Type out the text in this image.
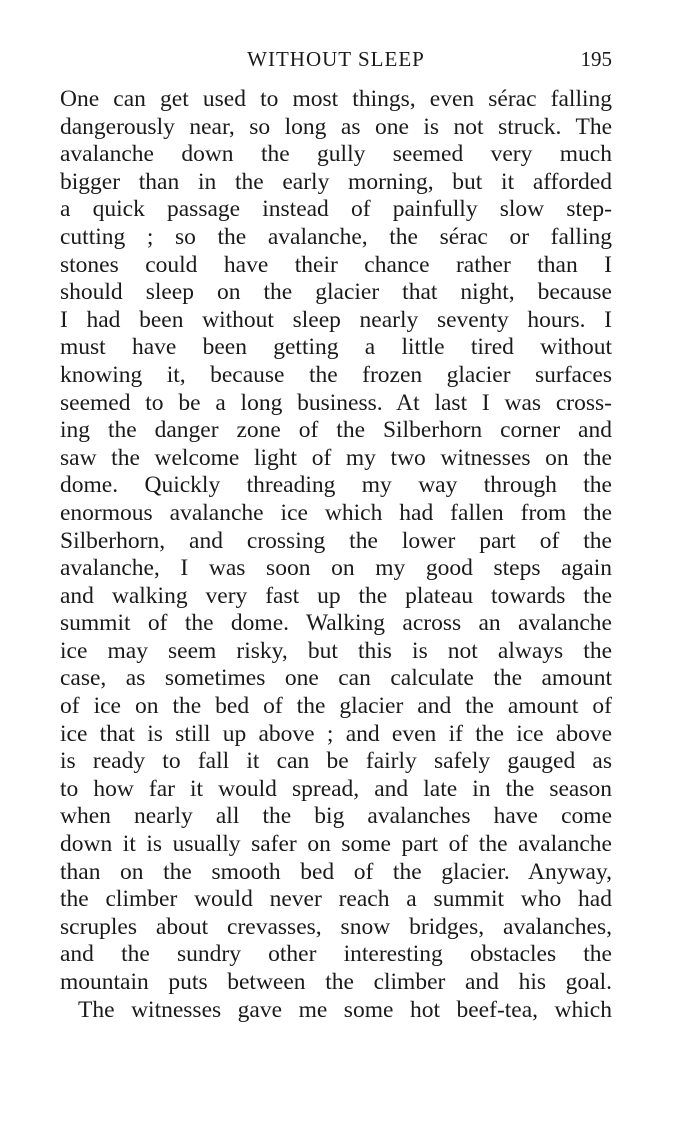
WITHOUT SLEEP	195
One can get used to most things, even sérac falling
dangerously near, so long as one is not struck. The
avalanche down the gully seemed very much
bigger than in the early morning, but it afforded
a quick passage instead of painfully slow step-
cutting ; so the avalanche, the sérac or falling
stones could have their chance rather than I
should sleep on the glacier that night, because
I had been without sleep nearly seventy hours. I
must have been getting a little tired without
knowing it, because the frozen glacier surfaces
seemed to be a long business. At last I was cross-
ing the danger zone of the Silberhorn corner and
saw the welcome light of my two witnesses on the
dome. Quickly threading my way through the
enormous avalanche ice which had fallen from the
Silberhorn, and crossing the lower part of the
avalanche, I was soon on my good steps again
and walking very fast up the plateau towards the
summit of the dome. Walking across an avalanche
ice may seem risky, but this is not always the
case, as sometimes one can calculate the amount
of ice on the bed of the glacier and the amount of
ice that is still up above ; and even if the ice above
is ready to fall it can be fairly safely gauged as
to how far it would spread, and late in the season
when nearly all the big avalanches have come
down it is usually safer on some part of the avalanche
than on the smooth bed of the glacier. Anyway,
the climber would never reach a summit who had
scruples about crevasses, snow bridges, avalanches,
and the sundry other interesting obstacles the
mountain puts between the climber and his goal.
The witnesses gave me some hot beef-tea, which
